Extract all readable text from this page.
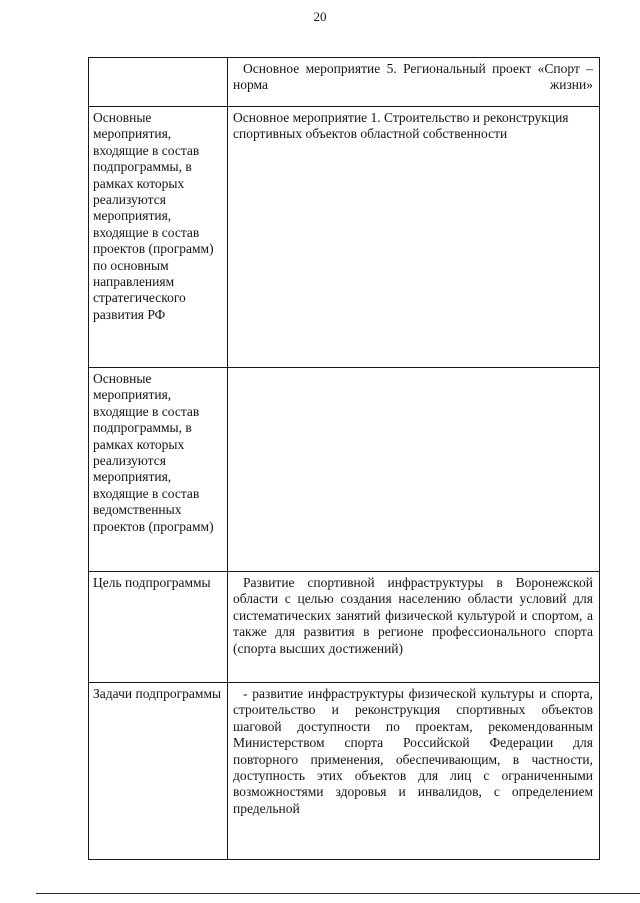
20

	Основное мероприятие 5. Региональный проект «Спорт – норма жизни»

Основные мероприятия, входящие в состав подпрограммы, в рамках которых реализуются мероприятия, входящие в состав проектов (программ) по основным направлениям стратегического развития РФ	Основное мероприятие 1. Строительство и реконструкция спортивных объектов областной собственности

Основные мероприятия, входящие в состав подпрограммы, в рамках которых реализуются мероприятия, входящие в состав ведомственных проектов (программ)	

Цель подпрограммы	Развитие спортивной инфраструктуры в Воронежской области с целью создания населению области условий для систематических занятий физической культурой и спортом, а также для развития в регионе профессионального спорта (спорта высших достижений)

Задачи подпрограммы	- развитие инфраструктуры физической культуры и спорта, строительство и реконструкция спортивных объектов шаговой доступности по проектам, рекомендованным Министерством спорта Российской Федерации для повторного применения, обеспечивающим, в частности, доступность этих объектов для лиц с ограниченными возможностями здоровья и инвалидов, с определением предельной
